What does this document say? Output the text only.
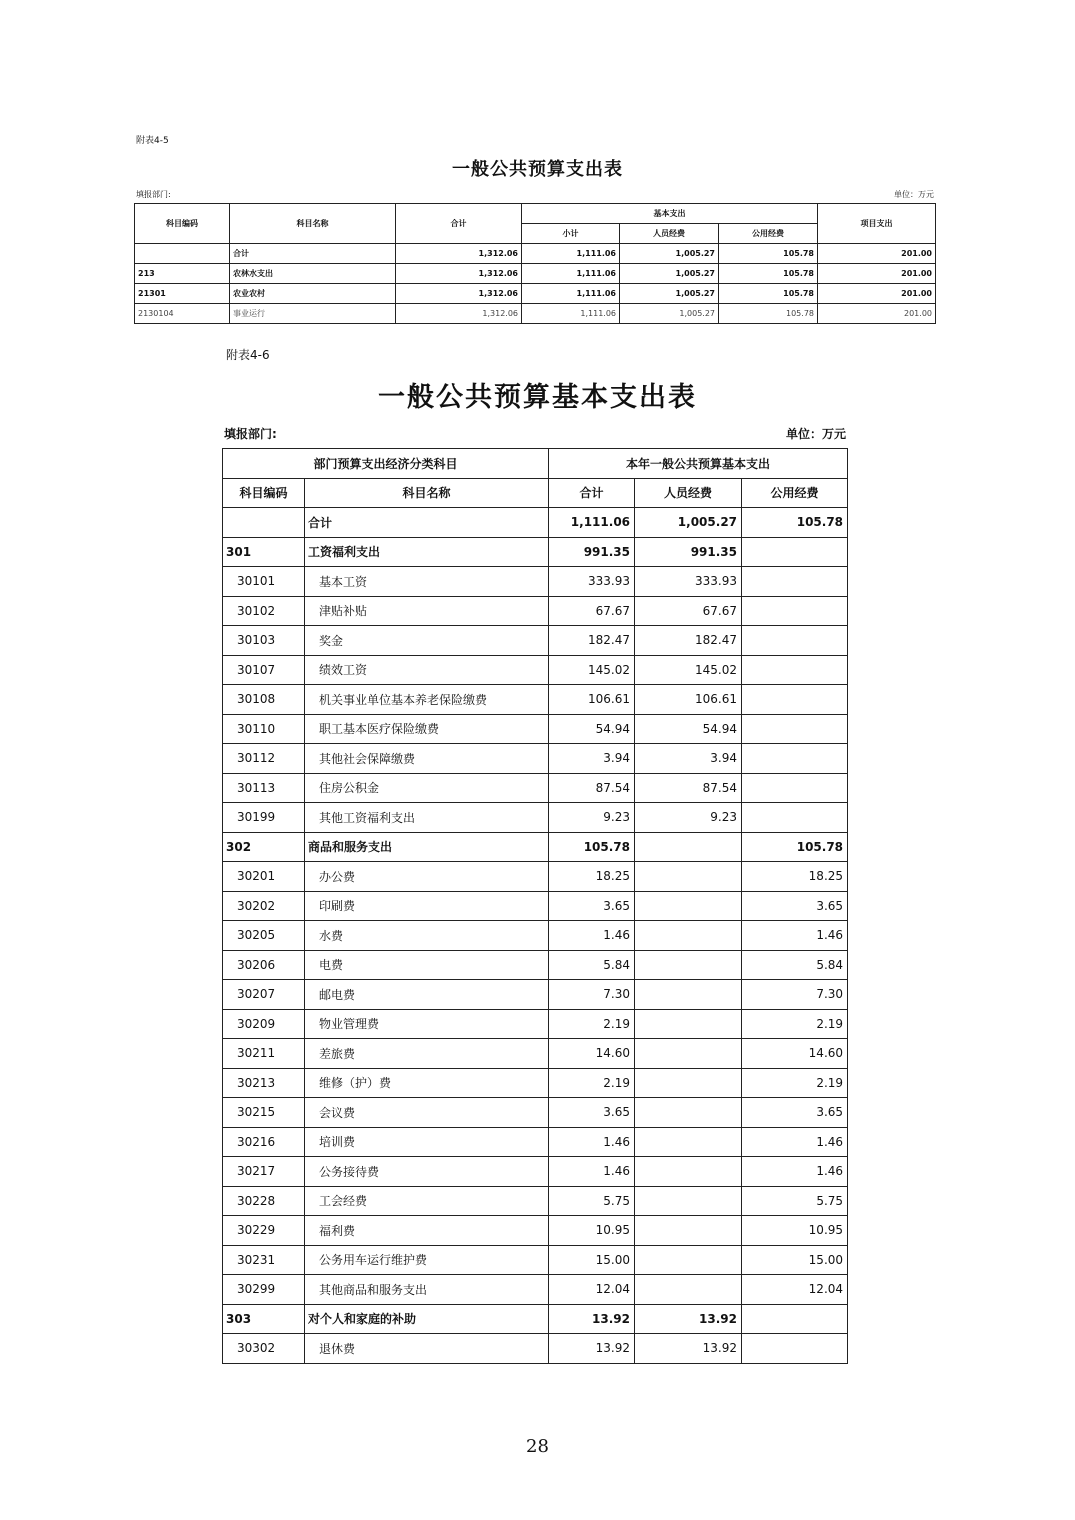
附表4-5
一般公共预算支出表
填报部门:	单位：万元
科目编码	科目名称	合计	基本支出			项目支出
			小计	人员经费	公用经费	
	合计	1,312.06	1,111.06	1,005.27	105.78	201.00
213	农林水支出	1,312.06	1,111.06	1,005.27	105.78	201.00
21301	农业农村	1,312.06	1,111.06	1,005.27	105.78	201.00
2130104	事业运行	1,312.06	1,111.06	1,005.27	105.78	201.00
附表4-6
一般公共预算基本支出表
填报部门:	单位：万元
部门预算支出经济分类科目		本年一般公共预算基本支出		
科目编码	科目名称	合计	人员经费	公用经费
	合计	1,111.06	1,005.27	105.78
301	工资福利支出	991.35	991.35	
30101	基本工资	333.93	333.93	
30102	津贴补贴	67.67	67.67	
30103	奖金	182.47	182.47	
30107	绩效工资	145.02	145.02	
30108	机关事业单位基本养老保险缴费	106.61	106.61	
30110	职工基本医疗保险缴费	54.94	54.94	
30112	其他社会保障缴费	3.94	3.94	
30113	住房公积金	87.54	87.54	
30199	其他工资福利支出	9.23	9.23	
302	商品和服务支出	105.78		105.78
30201	办公费	18.25		18.25
30202	印刷费	3.65		3.65
30205	水费	1.46		1.46
30206	电费	5.84		5.84
30207	邮电费	7.30		7.30
30209	物业管理费	2.19		2.19
30211	差旅费	14.60		14.60
30213	维修（护）费	2.19		2.19
30215	会议费	3.65		3.65
30216	培训费	1.46		1.46
30217	公务接待费	1.46		1.46
30228	工会经费	5.75		5.75
30229	福利费	10.95		10.95
30231	公务用车运行维护费	15.00		15.00
30299	其他商品和服务支出	12.04		12.04
303	对个人和家庭的补助	13.92	13.92	
30302	退休费	13.92	13.92	
28
